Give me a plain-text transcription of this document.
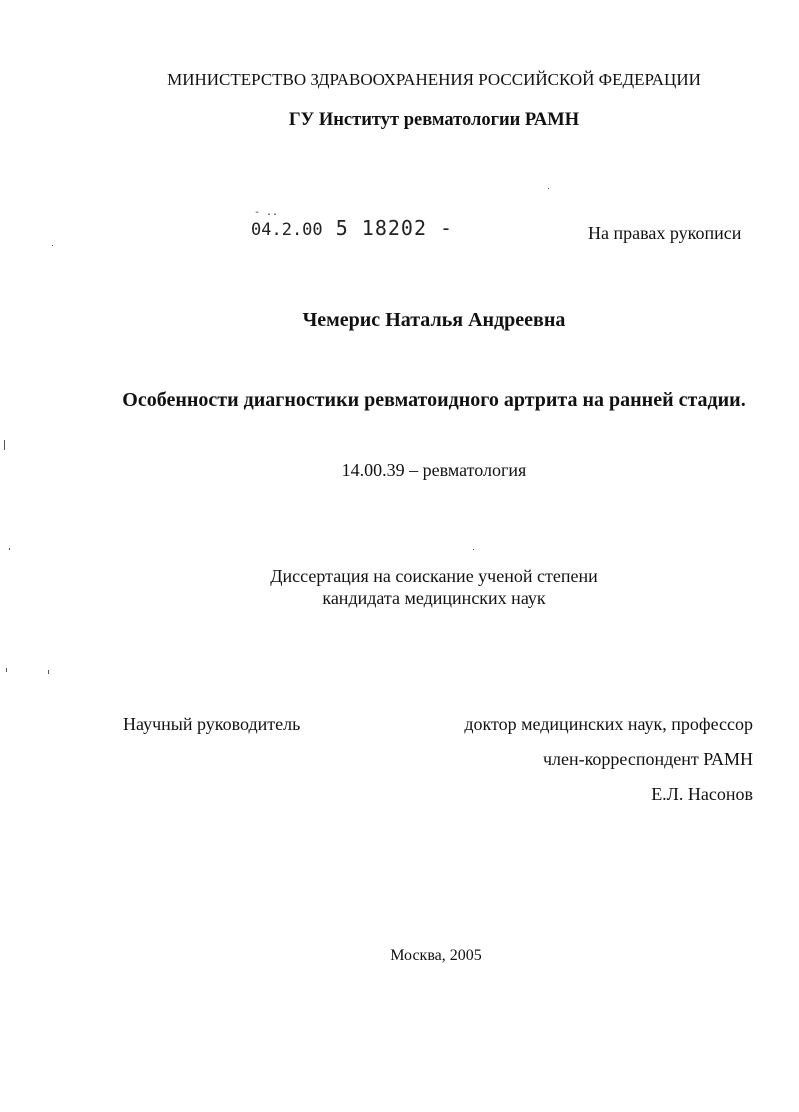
МИНИСТЕРСТВО ЗДРАВООХРАНЕНИЯ РОССИЙСКОЙ ФЕДЕРАЦИИ
ГУ Институт ревматологии РАМН
- ..
04.2.00 5 18202 -	На правах рукописи
Чемерис Наталья Андреевна
Особенности диагностики ревматоидного артрита на ранней стадии.
14.00.39 – ревматология
Диссертация на соискание ученой степени
кандидата медицинских наук
Научный руководитель	доктор медицинских наук, профессор
член-корреспондент РАМН
Е.Л. Насонов
Москва, 2005
